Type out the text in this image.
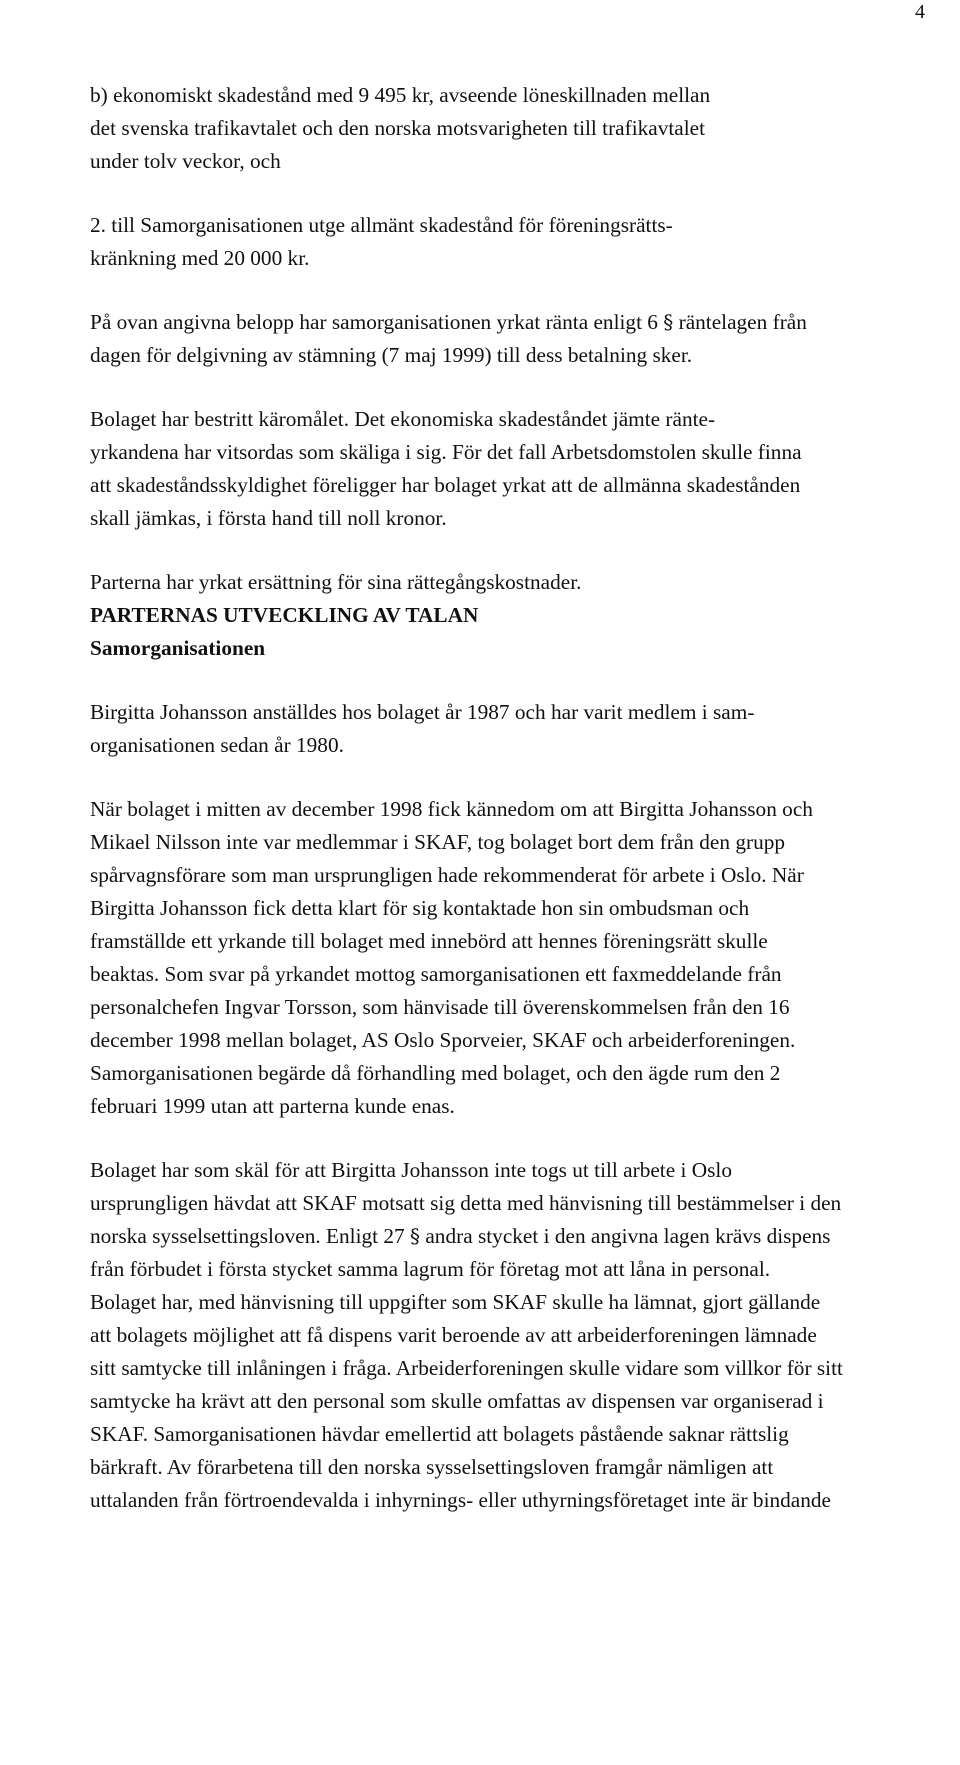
4

b) ekonomiskt skadestånd med 9 495 kr, avseende löneskillnaden mellan
det svenska trafikavtalet och den norska motsvarigheten till trafikavtalet
under tolv veckor, och

2. till Samorganisationen utge allmänt skadestånd för föreningsrätts-
kränkning med 20 000 kr.

På ovan angivna belopp har samorganisationen yrkat ränta enligt 6 § räntelagen från
dagen för delgivning av stämning (7 maj 1999) till dess betalning sker.

Bolaget har bestritt käromålet. Det ekonomiska skadeståndet jämte ränte-
yrkandena har vitsordas som skäliga i sig. För det fall Arbetsdomstolen skulle finna
att skadeståndsskyldighet föreligger har bolaget yrkat att de allmänna skadestånden
skall jämkas, i första hand till noll kronor.

Parterna har yrkat ersättning för sina rättegångskostnader.

PARTERNAS UTVECKLING AV TALAN

Samorganisationen

Birgitta Johansson anställdes hos bolaget år 1987 och har varit medlem i sam-
organisationen sedan år 1980.

När bolaget i mitten av december 1998 fick kännedom om att Birgitta Johansson och
Mikael Nilsson inte var medlemmar i SKAF, tog bolaget bort dem från den grupp
spårvagnsförare som man ursprungligen hade rekommenderat för arbete i Oslo. När
Birgitta Johansson fick detta klart för sig kontaktade hon sin ombudsman och
framställde ett yrkande till bolaget med innebörd att hennes föreningsrätt skulle
beaktas. Som svar på yrkandet mottog samorganisationen ett faxmeddelande från
personalchefen Ingvar Torsson, som hänvisade till överenskommelsen från den 16
december 1998 mellan bolaget, AS Oslo Sporveier, SKAF och arbeiderforeningen.
Samorganisationen begärde då förhandling med bolaget, och den ägde rum den 2
februari 1999 utan att parterna kunde enas.

Bolaget har som skäl för att Birgitta Johansson inte togs ut till arbete i Oslo
ursprungligen hävdat att SKAF motsatt sig detta med hänvisning till bestämmelser i den
norska sysselsettingsloven. Enligt 27 § andra stycket i den angivna lagen krävs dispens
från förbudet i första stycket samma lagrum för företag mot att låna in personal.
Bolaget har, med hänvisning till uppgifter som SKAF skulle ha lämnat, gjort gällande
att bolagets möjlighet att få dispens varit beroende av att arbeiderforeningen lämnade
sitt samtycke till inlåningen i fråga. Arbeiderforeningen skulle vidare som villkor för sitt
samtycke ha krävt att den personal som skulle omfattas av dispensen var organiserad i
SKAF. Samorganisationen hävdar emellertid att bolagets påstående saknar rättslig
bärkraft. Av förarbetena till den norska sysselsettingsloven framgår nämligen att
uttalanden från förtroendevalda i inhyrnings- eller uthyrningsföretaget inte är bindande
